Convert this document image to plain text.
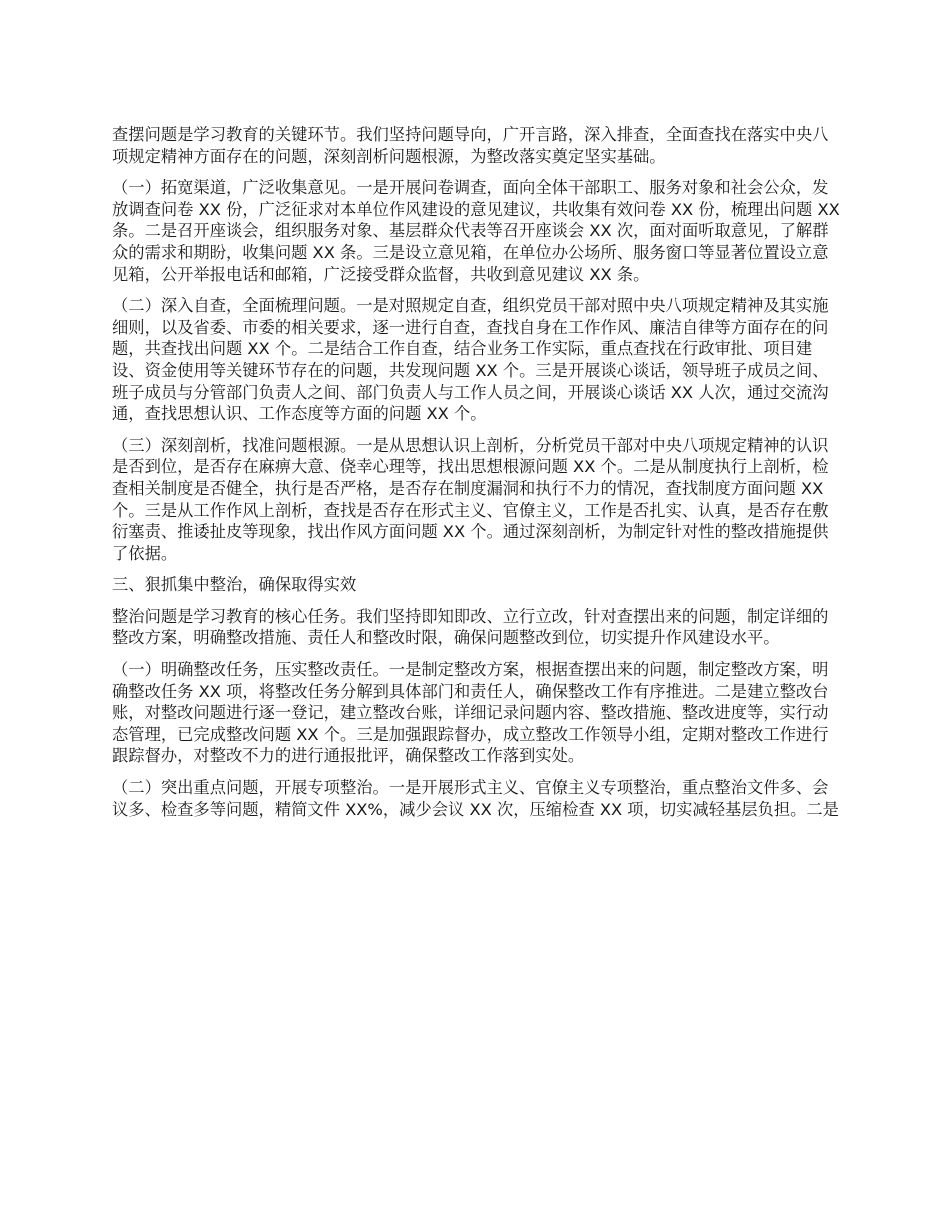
查摆问题是学习教育的关键环节。我们坚持问题导向，广开言路，深入排查，全面查找在落实中央八项规定精神方面存在的问题，深刻剖析问题根源，为整改落实奠定坚实基础。

（一）拓宽渠道，广泛收集意见。一是开展问卷调查，面向全体干部职工、服务对象和社会公众，发放调查问卷 XX 份，广泛征求对本单位作风建设的意见建议，共收集有效问卷 XX 份，梳理出问题 XX 条。二是召开座谈会，组织服务对象、基层群众代表等召开座谈会 XX 次，面对面听取意见，了解群众的需求和期盼，收集问题 XX 条。三是设立意见箱，在单位办公场所、服务窗口等显著位置设立意见箱，公开举报电话和邮箱，广泛接受群众监督，共收到意见建议 XX 条。

（二）深入自查，全面梳理问题。一是对照规定自查，组织党员干部对照中央八项规定精神及其实施细则，以及省委、市委的相关要求，逐一进行自查，查找自身在工作作风、廉洁自律等方面存在的问题，共查找出问题 XX 个。二是结合工作自查，结合业务工作实际，重点查找在行政审批、项目建设、资金使用等关键环节存在的问题，共发现问题 XX 个。三是开展谈心谈话，领导班子成员之间、班子成员与分管部门负责人之间、部门负责人与工作人员之间，开展谈心谈话 XX 人次，通过交流沟通，查找思想认识、工作态度等方面的问题 XX 个。

（三）深刻剖析，找准问题根源。一是从思想认识上剖析，分析党员干部对中央八项规定精神的认识是否到位，是否存在麻痹大意、侥幸心理等，找出思想根源问题 XX 个。二是从制度执行上剖析，检查相关制度是否健全，执行是否严格，是否存在制度漏洞和执行不力的情况，查找制度方面问题 XX 个。三是从工作作风上剖析，查找是否存在形式主义、官僚主义，工作是否扎实、认真，是否存在敷衍塞责、推诿扯皮等现象，找出作风方面问题 XX 个。通过深刻剖析，为制定针对性的整改措施提供了依据。

三、狠抓集中整治，确保取得实效

整治问题是学习教育的核心任务。我们坚持即知即改、立行立改，针对查摆出来的问题，制定详细的整改方案，明确整改措施、责任人和整改时限，确保问题整改到位，切实提升作风建设水平。

（一）明确整改任务，压实整改责任。一是制定整改方案，根据查摆出来的问题，制定整改方案，明确整改任务 XX 项，将整改任务分解到具体部门和责任人，确保整改工作有序推进。二是建立整改台账，对整改问题进行逐一登记，建立整改台账，详细记录问题内容、整改措施、整改进度等，实行动态管理，已完成整改问题 XX 个。三是加强跟踪督办，成立整改工作领导小组，定期对整改工作进行跟踪督办，对整改不力的进行通报批评，确保整改工作落到实处。

（二）突出重点问题，开展专项整治。一是开展形式主义、官僚主义专项整治，重点整治文件多、会议多、检查多等问题，精简文件 XX%，减少会议 XX 次，压缩检查 XX 项，切实减轻基层负担。二是
